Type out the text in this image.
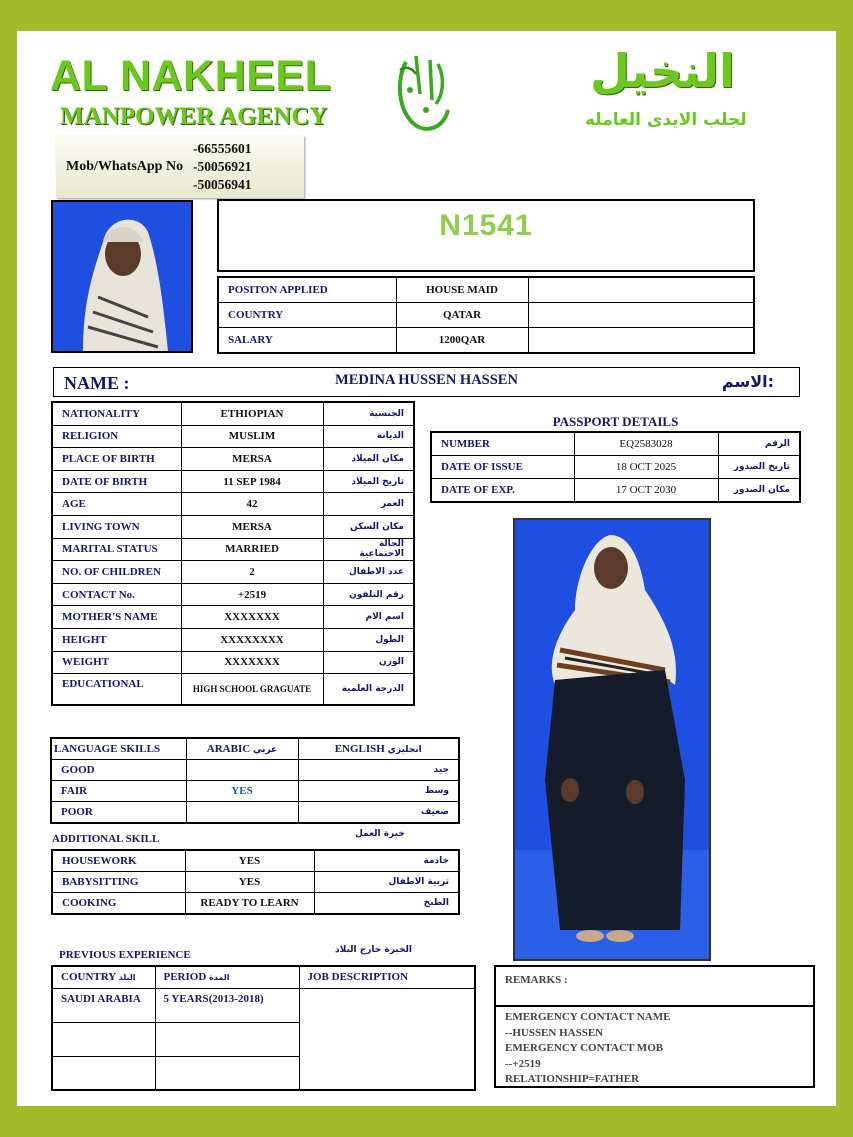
AL NAKHEEL
MANPOWER AGENCY
النخيل
لجلب الايدى العامله
Mob/WhatsApp No
-66555601
-50056921
-50056941
N1541
POSITON APPLIED	HOUSE MAID	
COUNTRY	QATAR	
SALARY	1200QAR	
NAME :	MEDINA HUSSEN HASSEN	الاسم:
NATIONALITY	ETHIOPIAN	الجنسية
RELIGION	MUSLIM	الديانة
PLACE OF BIRTH	MERSA	مكان الميلاد
DATE OF BIRTH	11 SEP 1984	تاريخ الميلاد
AGE	42	العمر
LIVING TOWN	MERSA	مكان السكن
MARITAL STATUS	MARRIED	الحالة الاجتماعية
NO. OF CHILDREN	2	عدد الاطفال
CONTACT No.	+2519	رقم التلفون
MOTHER'S NAME	XXXXXXX	اسم الام
HEIGHT	XXXXXXXX	الطول
WEIGHT	XXXXXXX	الوزن
EDUCATIONAL	HIGH SCHOOL GRAGUATE	الدرجة العلمية
PASSPORT DETAILS
NUMBER	EQ2583028	الرقم
DATE OF ISSUE	18 OCT 2025	تاريخ الصدور
DATE OF EXP.	17 OCT 2030	مكان الصدور
LANGUAGE SKILLS	ARABIC عربي	ENGLISH انجليزي
GOOD		جيد
FAIR	YES	وسط
POOR		ضعيف
ADDITIONAL SKILL	خبرة العمل
HOUSEWORK	YES	خادمة
BABYSITTING	YES	تربية الاطفال
COOKING	READY TO LEARN	الطبخ
PREVIOUS EXPERIENCE	الخبرة خارج البلاد
COUNTRY البلد	PERIOD المدة	JOB DESCRIPTION
SAUDI ARABIA	5 YEARS(2013-2018)	

REMARKS :
EMERGENCY CONTACT NAME
--HUSSEN HASSEN
EMERGENCY CONTACT MOB
--+2519
RELATIONSHIP=FATHER
